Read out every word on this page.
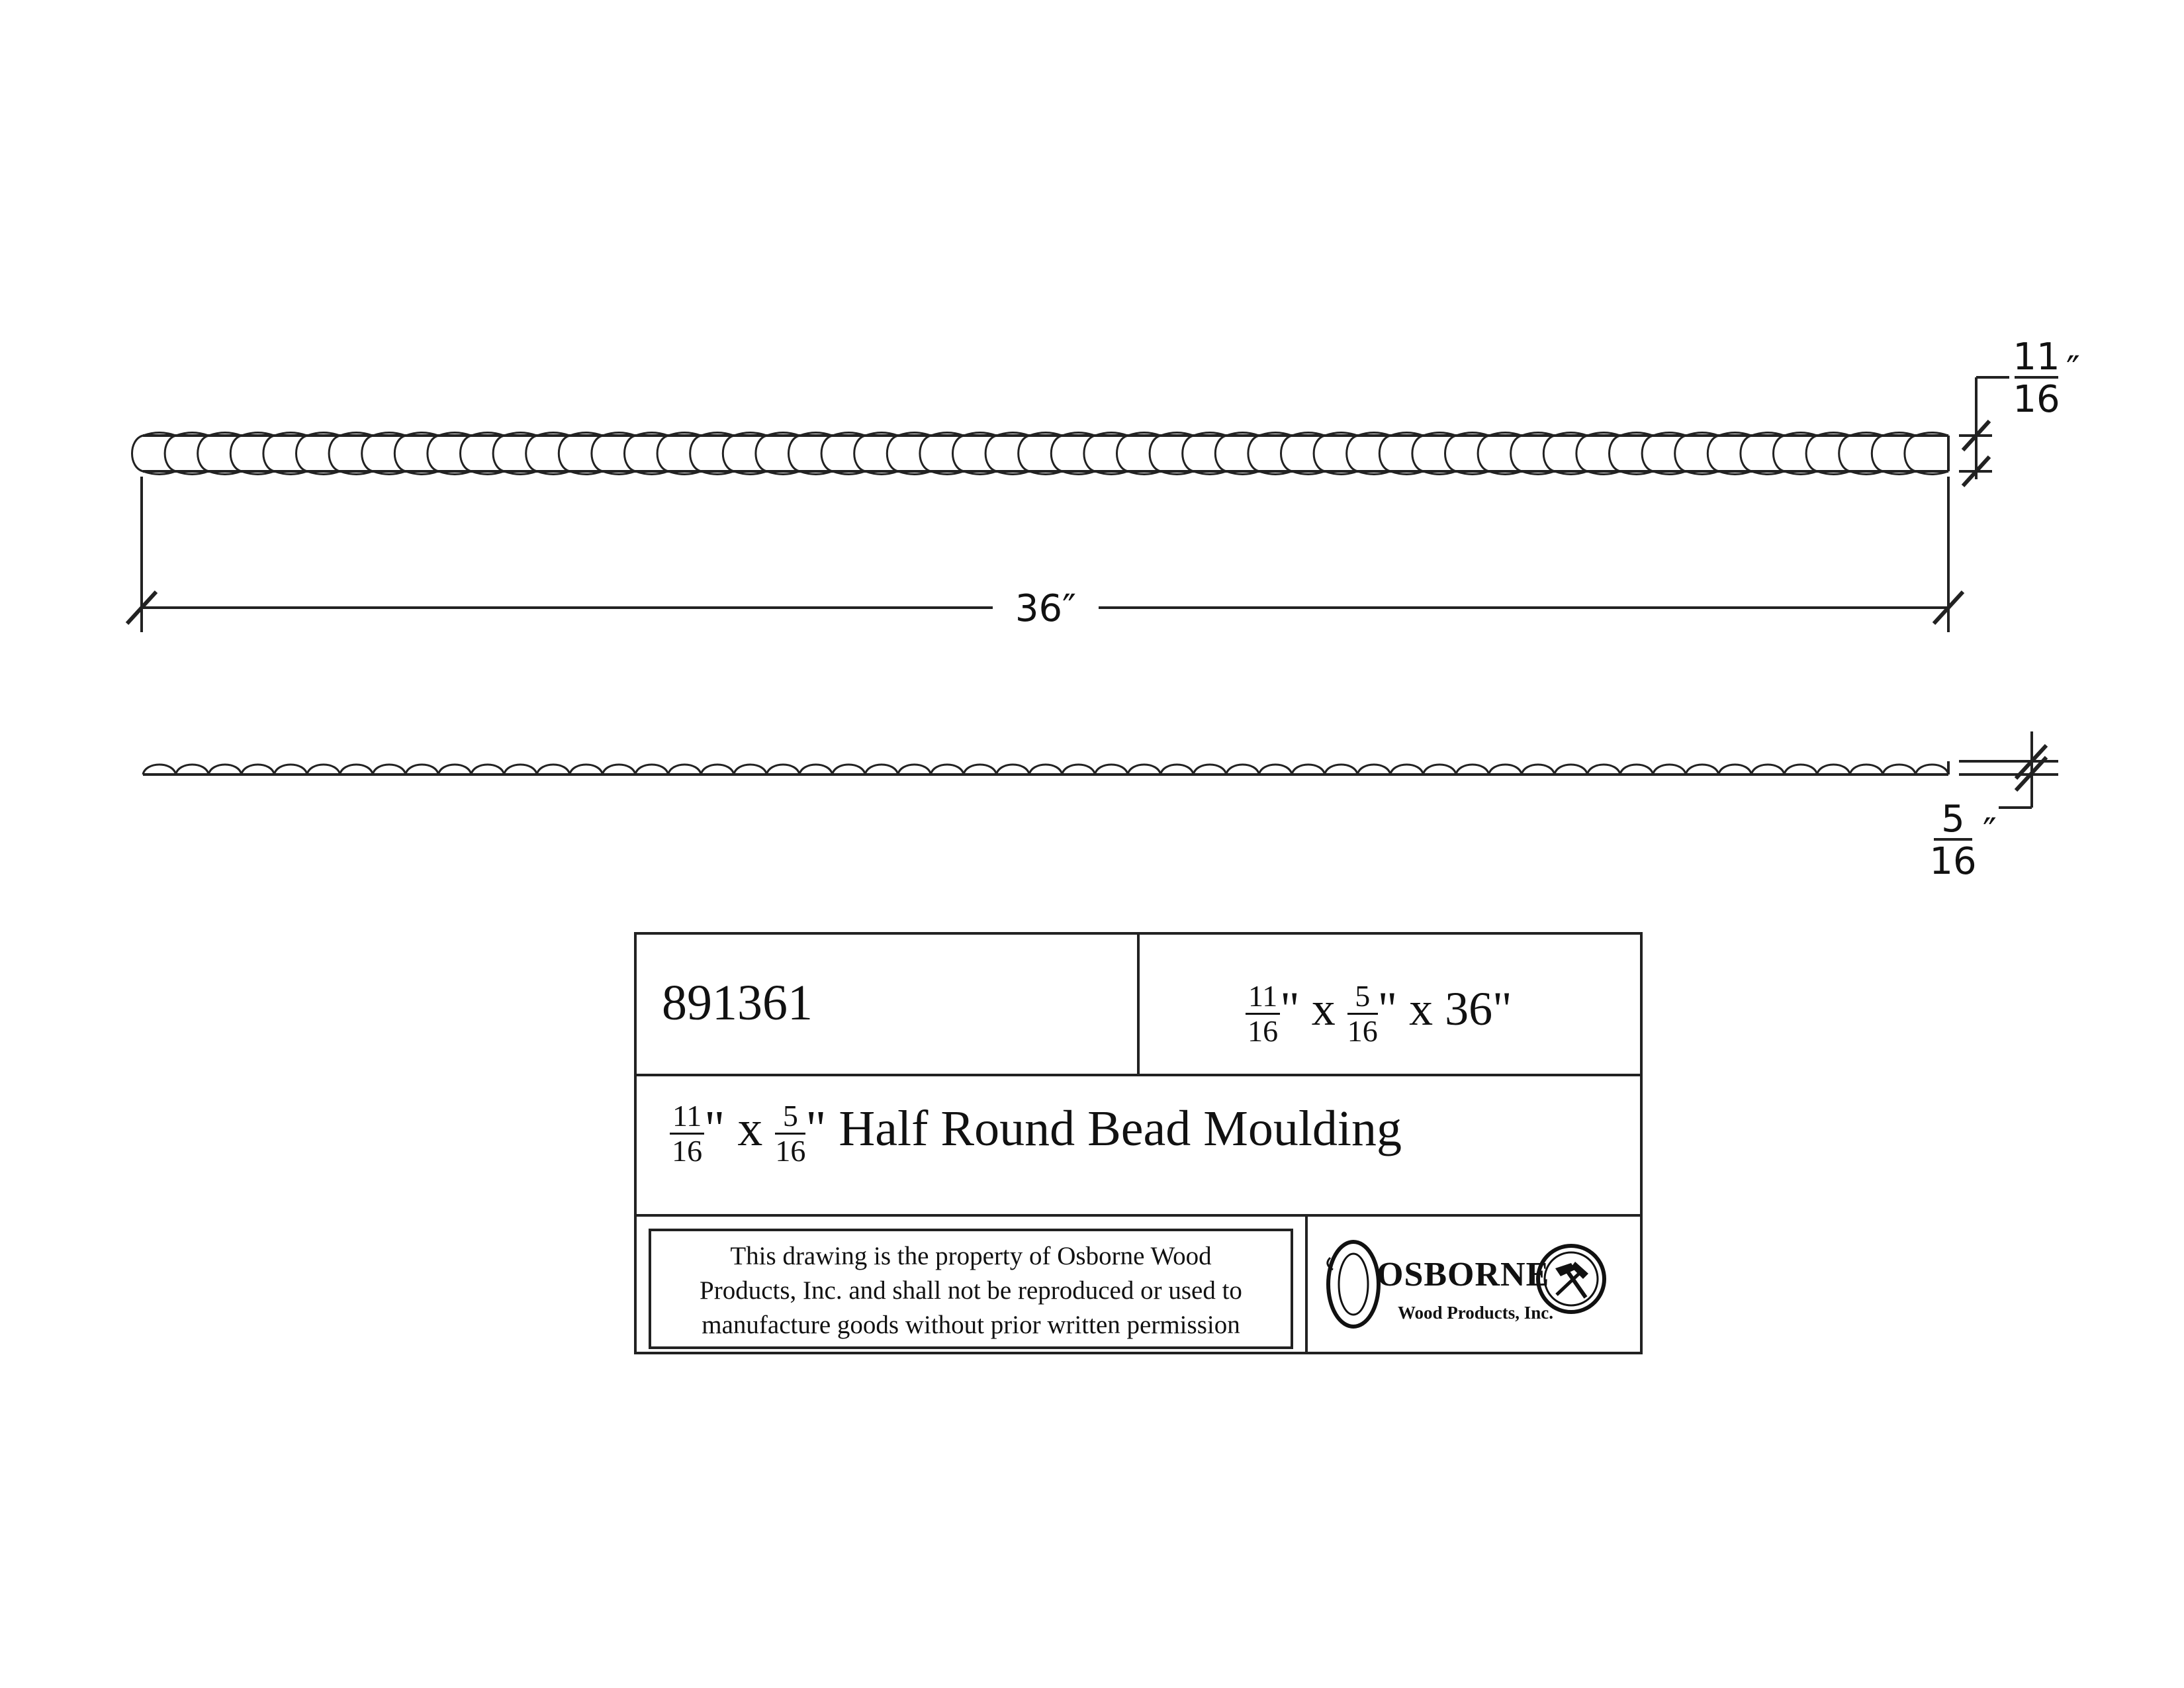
36″
11
16
″
5
16
″
891361	$\frac{11}{16}$ " x $\frac{5}{16}$ " x 36"
$\frac{11}{16}$ " x $\frac{5}{16}$ " Half Round Bead Moulding
This drawing is the property of Osborne Wood
Products, Inc. and shall not be reproduced or used to
manufacture goods without prior written permission
OSBORNE
Wood Products, Inc.
